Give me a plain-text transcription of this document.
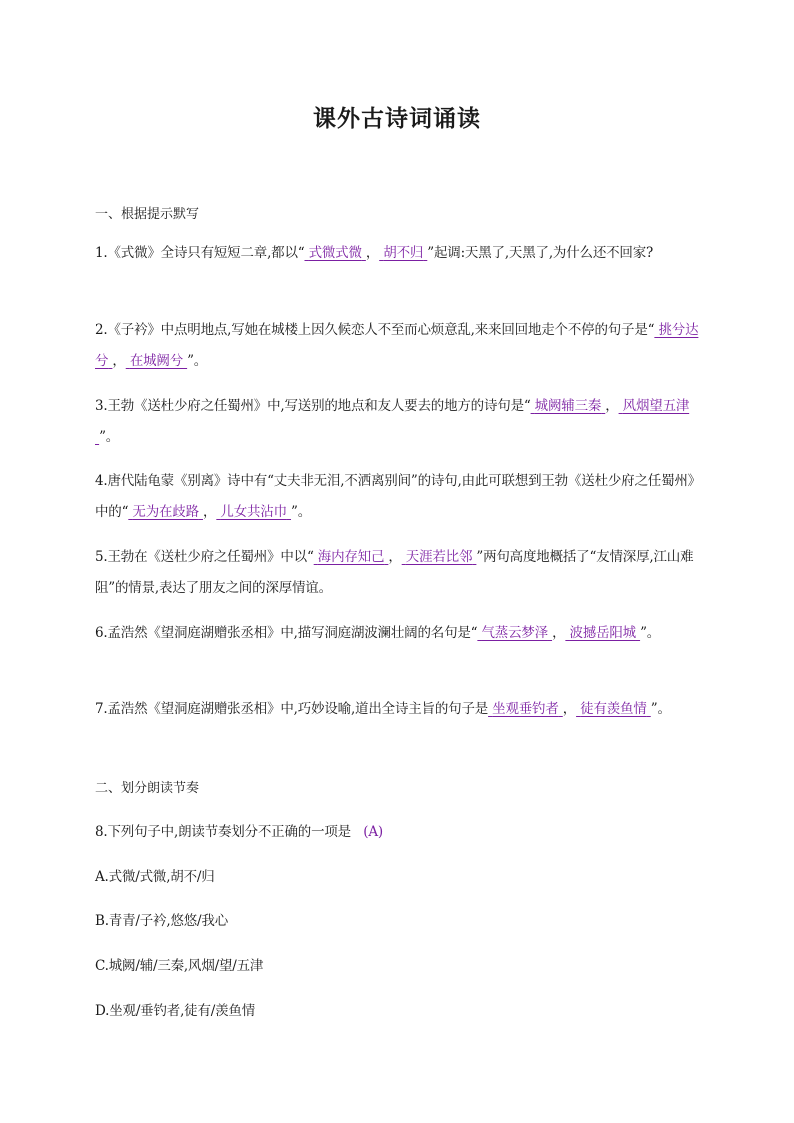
课外古诗词诵读
一、根据提示默写
1.《式微》全诗只有短短二章,都以“ 式微式微 ， 胡不归 ”起调:天黑了,天黑了,为什么还不回家?
2.《子衿》中点明地点,写她在城楼上因久候恋人不至而心烦意乱,来来回回地走个不停的句子是“ 挑兮达兮 ， 在城阙兮 ”。
3.王勃《送杜少府之任蜀州》中,写送别的地点和友人要去的地方的诗句是“ 城阙辅三秦 ， 风烟望五津 ”。
4.唐代陆龟蒙《别离》诗中有“丈夫非无泪,不洒离别间”的诗句,由此可联想到王勃《送杜少府之任蜀州》中的“ 无为在歧路 ， 儿女共沾巾 ”。
5.王勃在《送杜少府之任蜀州》中以“ 海内存知己 ， 天涯若比邻 ”两句高度地概括了“友情深厚,江山难阻”的情景,表达了朋友之间的深厚情谊。
6.孟浩然《望洞庭湖赠张丞相》中,描写洞庭湖波澜壮阔的名句是“ 气蒸云梦泽 ， 波撼岳阳城 ”。
7.孟浩然《望洞庭湖赠张丞相》中,巧妙设喻,道出全诗主旨的句子是 坐观垂钓者 ， 徒有羡鱼情 ”。
二、划分朗读节奏
8.下列句子中,朗读节奏划分不正确的一项是 (A)
A.式微/式微,胡不/归
B.青青/子衿,悠悠/我心
C.城阙/辅/三秦,风烟/望/五津
D.坐观/垂钓者,徒有/羡鱼情
